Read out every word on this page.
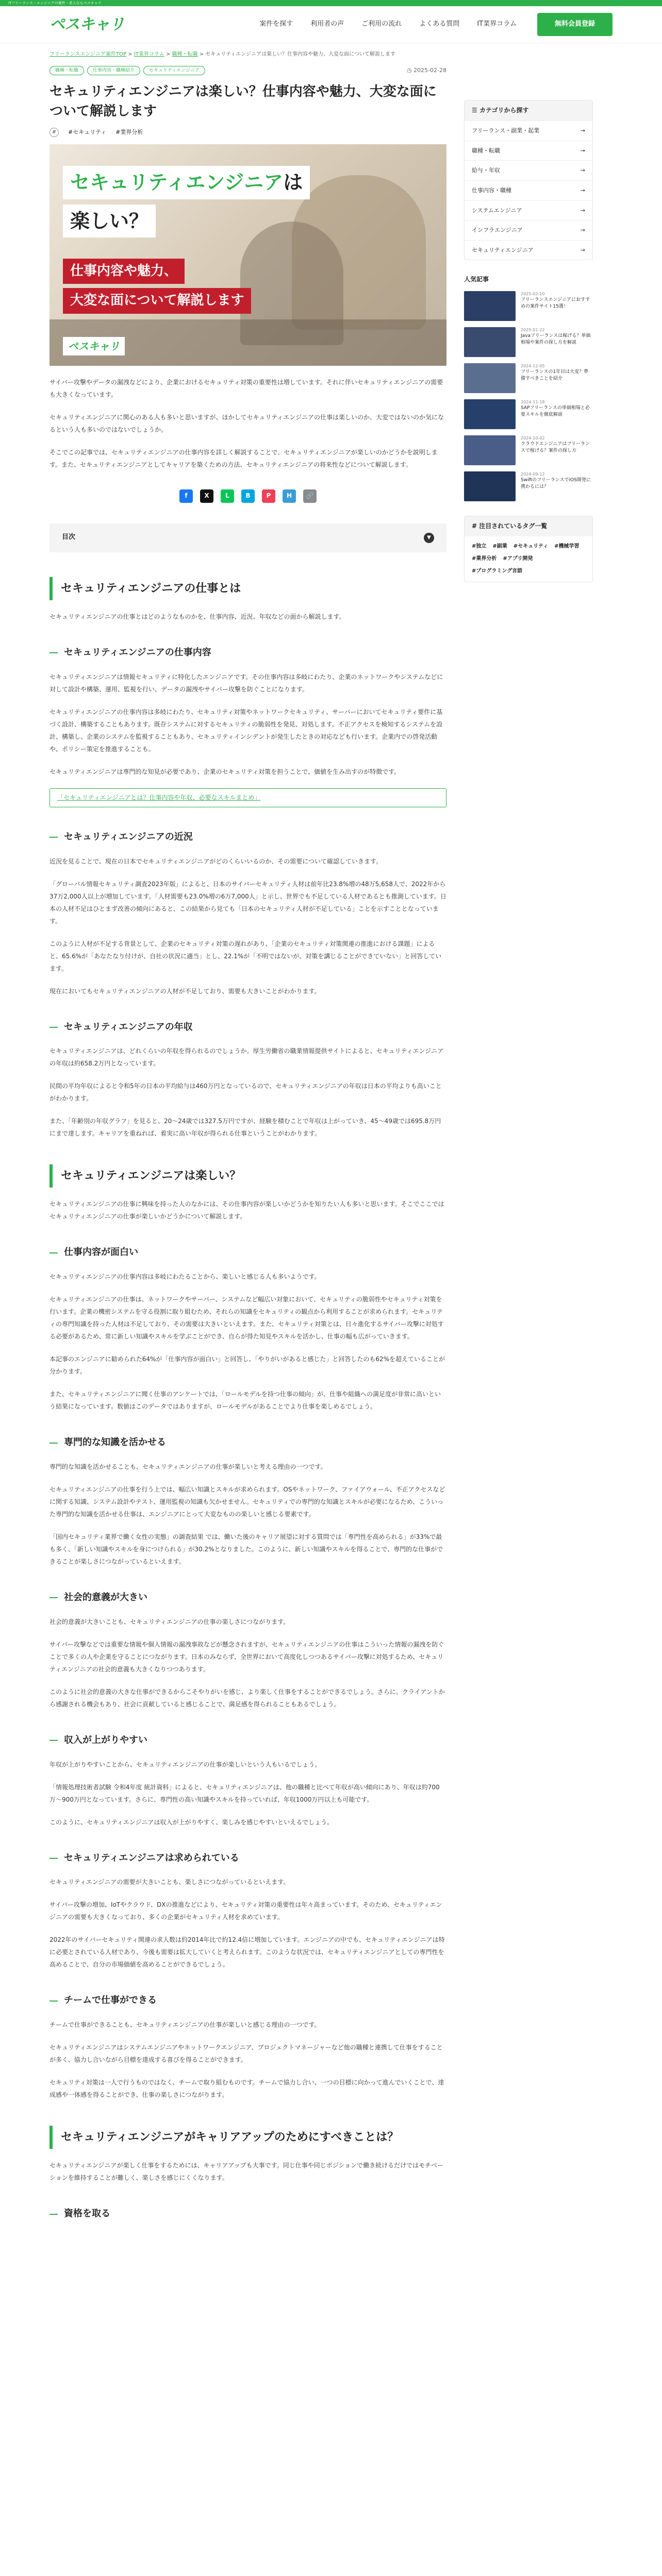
ITフリーランス・エンジニアの案件・求人ならペスキャリ
ペスキャリ	案件を探す	利用者の声	ご利用の流れ	よくある質問	IT業界コラム	無料会員登録
フリーランスエンジニア案件TOP > IT業界コラム > 職種・転職 > セキュリティエンジニアは楽しい？仕事内容や魅力、大変な面について解説します
職種・転職	仕事内容・職種紹介	セキュリティエンジニア	◷ 2025-02-28
セキュリティエンジニアは楽しい？仕事内容や魅力、大変な面について解説します
#	#セキュリティ #業界分析
セキュリティエンジニアは
楽しい？
仕事内容や魅力、
大変な面について解説します
ペスキャリ

サイバー攻撃やデータの漏洩などにより、企業におけるセキュリティ対策の重要性は増しています。それに伴いセキュリティエンジニアの需要も大きくなっています。

セキュリティエンジニアに関心のある人も多いと思いますが、ほかしてセキュリティエンジニアの仕事は楽しいのか、大変ではないのか気になるという人も多いのではないでしょうか。

そこでこの記事では、セキュリティエンジニアの仕事内容を詳しく解説することで、セキュリティエンジニアが楽しいのかどうかを説明します。また、セキュリティエンジニアとしてキャリアを築くための方法、セキュリティエンジニアの将来性などについて解説します。

f	X	L	B	P	H	🔗
目次	▼
セキュリティエンジニアの仕事とは

セキュリティエンジニアの仕事とはどのようなものかを、仕事内容、近況、年収などの面から解説します。

セキュリティエンジニアの仕事内容

セキュリティエンジニアは情報セキュリティに特化したエンジニアです。その仕事内容は多岐にわたり、企業のネットワークやシステムなどに対して設計や構築、運用、監視を行い、データの漏洩やサイバー攻撃を防ぐことになります。

セキュリティエンジニアの仕事内容は多岐にわたり、セキュリティ対策やネットワークセキュリティ、サーバーにおいてセキュリティ要件に基づく設計、構築することもあります。既存システムに対するセキュリティの脆弱性を発見、対処します。不正アクセスを検知するシステムを設計、構築し、企業のシステムを監視することもあり、セキュリティインシデントが発生したときの対応なども行います。企業内での啓発活動や、ポリシー策定を推進することも。

セキュリティエンジニアは専門的な知見が必要であり、企業のセキュリティ対策を担うことで、価値を生み出すのが特徴です。

「セキュリティエンジニアとは？仕事内容や年収、必要なスキルまとめ」
セキュリティエンジニアの近況

近況を見ることで、現在の日本でセキュリティエンジニアがどのくらいいるのか、その需要について確認していきます。

「グローバル情報セキュリティ調査2023年版」によると、日本のサイバーセキュリティ人材は前年比23.8%増の48万5,658人で、2022年から37万2,000人以上が増加しています。「人材需要も23.0%増の6万7,000人」と示し、世界でも不足している人材であるとも推測しています。日本の人材不足はひとまず改善の傾向にあると、この結果から見ても「日本のセキュリティ人材が不足している」ことを示すこととなっています。

このように人材が不足する背景として、企業のセキュリティ対策の遅れがあり、「企業のセキュリティ対策関連の推進における課題」によると、65.6%が「あなたなり付けが、自社の状況に適当」とし、22.1%が「不明ではないが、対策を講じることができていない」と回答しています。

現在においてもセキュリティエンジニアの人材が不足しており、需要も大きいことがわかります。

セキュリティエンジニアの年収

セキュリティエンジニアは、どれくらいの年収を得られるのでしょうか。厚生労働省の職業情報提供サイトによると、セキュリティエンジニアの年収は約658.2万円となっています。

民間の平均年収によると令和5年の日本の平均給与は460万円となっているので、セキュリティエンジニアの年収は日本の平均よりも高いことがわかります。

また、「年齢別の年収グラフ」を見ると、20〜24歳では327.5万円ですが、経験を積むことで年収は上がっていき、45〜49歳では695.8万円にまで達します。キャリアを重ねれば、着実に高い年収が得られる仕事ということがわかります。

セキュリティエンジニアは楽しい？

セキュリティエンジニアの仕事に興味を持った人のなかには、その仕事内容が楽しいかどうかを知りたい人も多いと思います。そこでここではセキュリティエンジニアの仕事が楽しいかどうかについて解説します。

仕事内容が面白い

セキュリティエンジニアの仕事内容は多岐にわたることから、楽しいと感じる人も多いようです。

セキュリティエンジニアの仕事は、ネットワークやサーバー、システムなど幅広い対象において、セキュリティの脆弱性やセキュリティ対策を行います。企業の機密システムを守る役割に取り組むため、それらの知識をセキュリティの観点から利用することが求められます。セキュリティの専門知識を持った人材は不足しており、その需要は大きいといえます。また、セキュリティ対策とは、日々進化するサイバー攻撃に対処する必要があるため、常に新しい知識やスキルを学ぶことができ、自らが得た知見やスキルを活かし、仕事の幅も広がっていきます。

本記事のエンジニアに勧められた64%が「仕事内容が面白い」と回答し、「やりがいがあると感じた」と回答したのも62%を超えていることが分かります。

また、セキュリティエンジニアに聞く仕事のアンケートでは、「ロールモデルを持つ仕事の傾向」が、仕事や組織への満足度が非常に高いという結果になっています。数値はこのデータではありますが、ロールモデルがあることでより仕事を楽しめるでしょう。

専門的な知識を活かせる

専門的な知識を活かせることも、セキュリティエンジニアの仕事が楽しいと考える理由の一つです。

セキュリティエンジニアの仕事を行う上では、幅広い知識とスキルが求められます。OSやネットワーク、ファイアウォール、不正アクセスなどに関する知識、システム設計やテスト、運用監視の知識も欠かせません。セキュリティでの専門的な知識とスキルが必要になるため、こういった専門的な知識を活かせる仕事は、エンジニアにとって大変なものの楽しいと感じる要素です。

「国内セキュリティ業界で働く女性の実態」の調査結果 では、働いた後のキャリア展望に対する質問では「専門性を高められる」が33%で最も多く、「新しい知識やスキルを身につけられる」が30.2%となりました。このように、新しい知識やスキルを得ることで、専門的な仕事ができることが楽しさにつながっているといえます。

社会的意義が大きい

社会的意義が大きいことも、セキュリティエンジニアの仕事の楽しさにつながります。

サイバー攻撃などでは重要な情報や個人情報の漏洩事故などが懸念されますが、セキュリティエンジニアの仕事はこういった情報の漏洩を防ぐことで多くの人や企業を守ることにつながります。日本のみならず、全世界において高度化しつつあるサイバー攻撃に対処するため、セキュリティエンジニアの社会的意義も大きくなりつつあります。

このように社会的意義の大きな仕事ができるからこそやりがいを感じ、より楽しく仕事をすることができるでしょう。さらに、クライアントから感謝される機会もあり、社会に貢献していると感じることで、満足感を得られることもあるでしょう。

収入が上がりやすい

年収が上がりやすいことから、セキュリティエンジニアの仕事が楽しいという人もいるでしょう。

「情報処理技術者試験 令和4年度 統計資料」によると、セキュリティエンジニアは、他の職種と比べて年収が高い傾向にあり、年収は約700万〜900万円となっています。さらに、専門性の高い知識やスキルを持っていれば、年収1000万円以上も可能です。

このように、セキュリティエンジニアは収入が上がりやすく、楽しみを感じやすいといえるでしょう。

セキュリティエンジニアは求められている

セキュリティエンジニアの需要が大きいことも、楽しさにつながっているといえます。

サイバー攻撃の増加、IoTやクラウド、DXの推進などにより、セキュリティ対策の重要性は年々高まっています。そのため、セキュリティエンジニアの需要も大きくなっており、多くの企業がセキュリティ人材を求めています。

2022年のサイバーセキュリティ関連の求人数は約2014年比で約12.4倍に増加しています。エンジニアの中でも、セキュリティエンジニアは特に必要とされている人材であり、今後も需要は拡大していくと考えられます。このような状況では、セキュリティエンジニアとしての専門性を高めることで、自分の市場価値を高めることができるでしょう。

チームで仕事ができる

チームで仕事ができることも、セキュリティエンジニアの仕事が楽しいと感じる理由の一つです。

セキュリティエンジニアはシステムエンジニアやネットワークエンジニア、プロジェクトマネージャーなど他の職種と連携して仕事をすることが多く、協力し合いながら目標を達成する喜びを得ることができます。

セキュリティ対策は一人で行うものではなく、チームで取り組むものです。チームで協力し合い、一つの目標に向かって進んでいくことで、達成感や一体感を得ることができ、仕事の楽しさにつながります。

セキュリティエンジニアがキャリアアップのためにすべきことは？

セキュリティエンジニアが楽しく仕事をするためには、キャリアアップも大事です。同じ仕事や同じポジションで働き続けるだけではモチベーションを維持することが難しく、楽しさを感じにくくなります。

資格を取る
☰ カテゴリから探す
フリーランス・副業・起業	→
職種・転職	→
給与・年収	→
仕事内容・職種	→
システムエンジニア	→
インフラエンジニア	→
セキュリティエンジニア	→
人気記事
2025-02-10
フリーランスエンジニアにおすすめの案件サイト15選！
2025-01-22
Javaフリーランスは稼げる？単価相場や案件の探し方を解説
2024-12-05
フリーランスの1年目は大変？準備すべきことを紹介
2024-11-18
SAPフリーランスの単価相場と必要スキルを徹底解説
2024-10-02
クラウドエンジニアはフリーランスで稼げる？案件の探し方
2024-09-12
SwiftのフリーランスでiOS開発に携わるには？
# 注目されているタグ一覧
#独立 #副業 #セキュリティ #機械学習
#業界分析 #アプリ開発
#プログラミング言語
